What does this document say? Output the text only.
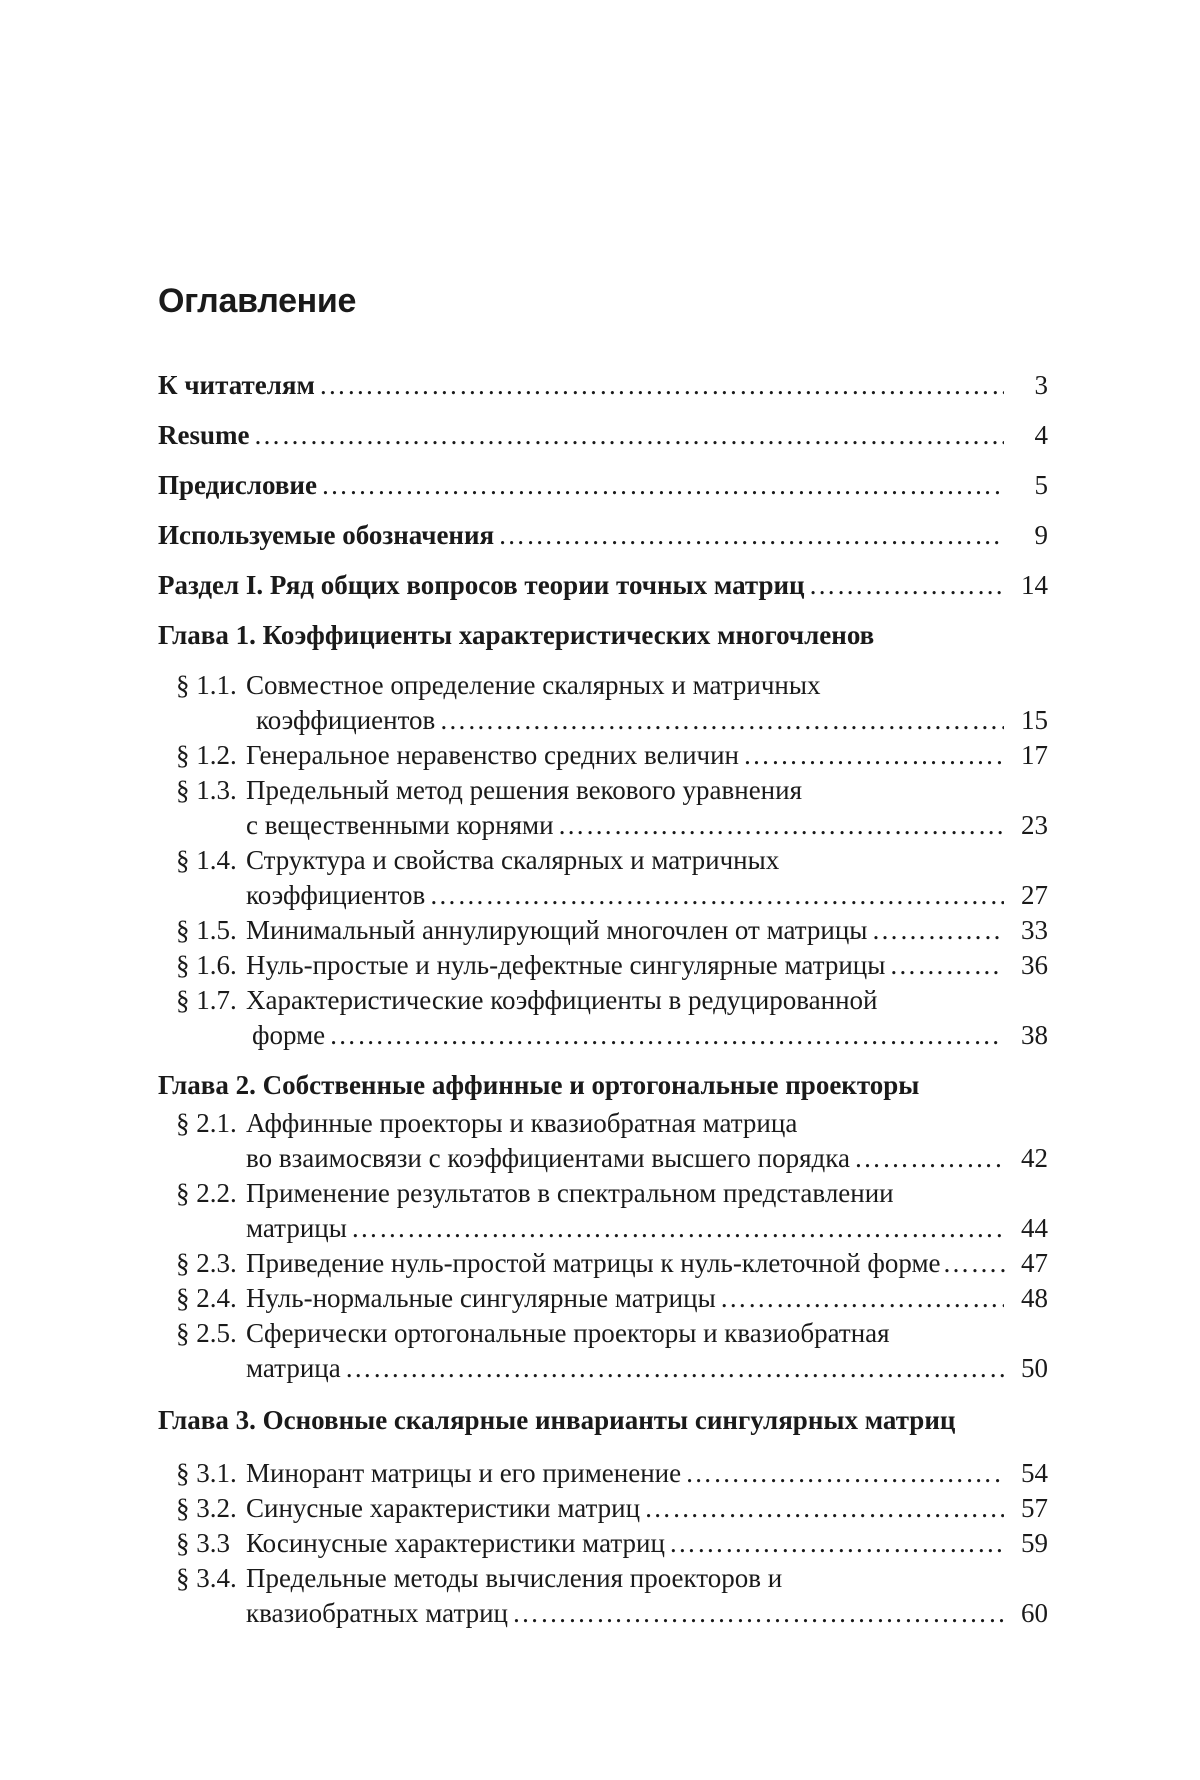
Оглавление
К читателям ……………………………………………………………………………………………………………………………………	3
Resume ……………………………………………………………………………………………………………………………………	4
Предисловие ……………………………………………………………………………………………………………………………………	5
Используемые обозначения ……………………………………………………………………………………………………………………………………	9
Раздел I. Ряд общих вопросов теории точных матриц ……………………………………………………………………………………………………………………………………	14
Глава 1. Коэффициенты характеристических многочленов
§ 1.1. Совместное определение скалярных и матричных
коэффициентов ……………………………………………………………………………………………………………………………………	15
§ 1.2. Генеральное неравенство средних величин ……………………………………………………………………………………………………………………………………	17
§ 1.3. Предельный метод решения векового уравнения
с вещественными корнями ……………………………………………………………………………………………………………………………………	23
§ 1.4. Структура и свойства скалярных и матричных
коэффициентов ……………………………………………………………………………………………………………………………………	27
§ 1.5. Минимальный аннулирующий многочлен от матрицы ……………………………………………………………………………………………………………………………………	33
§ 1.6. Нуль-простые и нуль-дефектные сингулярные матрицы ……………………………………………………………………………………………………………………………………	36
§ 1.7. Характеристические коэффициенты в редуцированной
форме ……………………………………………………………………………………………………………………………………	38
Глава 2. Собственные аффинные и ортогональные проекторы
§ 2.1. Аффинные проекторы и квазиобратная матрица
во взаимосвязи с коэффициентами высшего порядка ……………………………………………………………………………………………………………………………………	42
§ 2.2. Применение результатов в спектральном представлении
матрицы ……………………………………………………………………………………………………………………………………	44
§ 2.3. Приведение нуль-простой матрицы к нуль-клеточной форме ……………………………………………………………………………………………………………………………………	47
§ 2.4. Нуль-нормальные сингулярные матрицы ……………………………………………………………………………………………………………………………………	48
§ 2.5. Сферически ортогональные проекторы и квазиобратная
матрица ……………………………………………………………………………………………………………………………………	50
Глава 3. Основные скалярные инварианты сингулярных матриц
§ 3.1. Минорант матрицы и его применение ……………………………………………………………………………………………………………………………………	54
§ 3.2. Синусные характеристики матриц ……………………………………………………………………………………………………………………………………	57
§ 3.3 Косинусные характеристики матриц ……………………………………………………………………………………………………………………………………	59
§ 3.4. Предельные методы вычисления проекторов и
квазиобратных матриц ……………………………………………………………………………………………………………………………………	60
